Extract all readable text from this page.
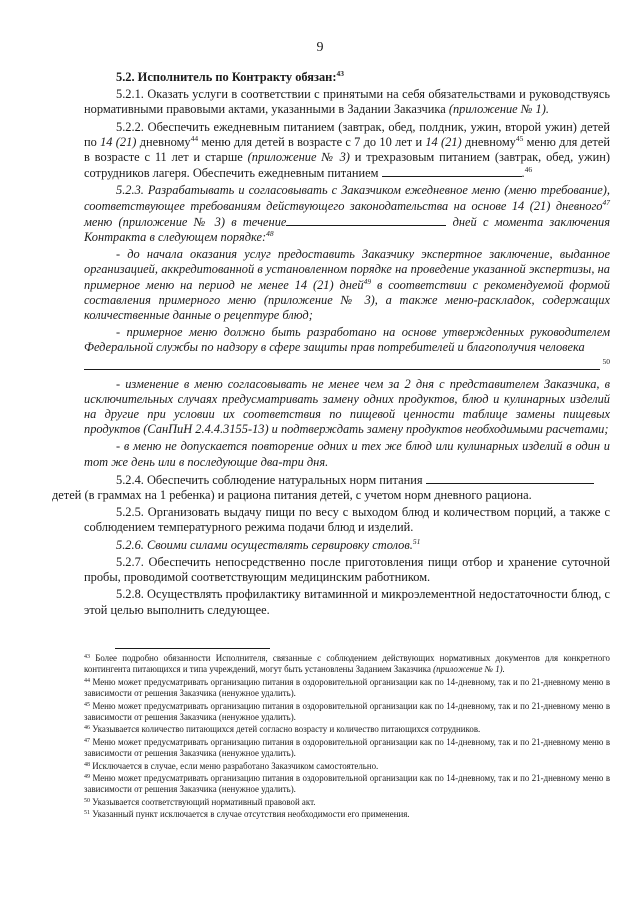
9

5.2. Исполнитель по Контракту обязан:$^{43}$

5.2.1. Оказать услуги в соответствии с принятыми на себя обязательствами и руководствуясь нормативными правовыми актами, указанными в Задании Заказчика (приложение № 1).

5.2.2. Обеспечить ежедневным питанием (завтрак, обед, полдник, ужин, второй ужин) детей по 14 (21) дневному$^{44}$ меню для детей в возрасте с 7 до 10 лет и 14 (21) дневному$^{45}$ меню для детей в возрасте с 11 лет и старше (приложение № 3) и трехразовым питанием (завтрак, обед, ужин) сотрудников лагеря. Обеспечить ежедневным питанием	.$^{46}$

5.2.3. Разрабатывать и согласовывать с Заказчиком ежедневное меню (меню требование), соответствующее требованиям действующего законодательства на основе 14 (21) дневного$^{47}$ меню (приложение № 3) в течение	дней с момента заключения Контракта в следующем порядке:$^{48}$

- до начала оказания услуг предоставить Заказчику экспертное заключение, выданное организацией, аккредитованной в установленном порядке на проведение указанной экспертизы, на примерное меню на период не менее 14 (21) дней$^{49}$ в соответствии с рекомендуемой формой составления примерного меню (приложение № 3), а также меню-раскладок, содержащих количественные данные о рецептуре блюд;

- примерное меню должно быть разработано на основе утвержденных руководителем Федеральной службы по надзору в сфере защиты прав потребителей и благополучия человека

50

- изменение в меню согласовывать не менее чем за 2 дня с представителем Заказчика, в исключительных случаях предусматривать замену одних продуктов, блюд и кулинарных изделий на другие при условии их соответствия по пищевой ценности таблице замены пищевых продуктов (СанПиН 2.4.4.3155-13) и подтверждать замену продуктов необходимыми расчетами;

- в меню не допускается повторение одних и тех же блюд или кулинарных изделий в один и тот же день или в последующие два-три дня.

5.2.4. Обеспечить соблюдение натуральных норм питания
детей (в граммах на 1 ребенка) и рациона питания детей, с учетом норм дневного рациона.

5.2.5. Организовать выдачу пищи по весу с выходом блюд и количеством порций, а также с соблюдением температурного режима подачи блюд и изделий.

5.2.6. Своими силами осуществлять сервировку столов.$^{51}$

5.2.7. Обеспечить непосредственно после приготовления пищи отбор и хранение суточной пробы, проводимой соответствующим медицинским работником.

5.2.8. Осуществлять профилактику витаминной и микроэлементной недостаточности блюд, с этой целью выполнить следующее.

$^{43}$ Более подробно обязанности Исполнителя, связанные с соблюдением действующих нормативных документов для конкретного контингента питающихся и типа учреждений, могут быть установлены Заданием Заказчика (приложение № 1).
$^{44}$ Меню может предусматривать организацию питания в оздоровительной организации как по 14-дневному, так и по 21-дневному меню в зависимости от решения Заказчика (ненужное удалить).
$^{45}$ Меню может предусматривать организацию питания в оздоровительной организации как по 14-дневному, так и по 21-дневному меню в зависимости от решения Заказчика (ненужное удалить).
$^{46}$ Указывается количество питающихся детей согласно возрасту и количество питающихся сотрудников.
$^{47}$ Меню может предусматривать организацию питания в оздоровительной организации как по 14-дневному, так и по 21-дневному меню в зависимости от решения Заказчика (ненужное удалить).
$^{48}$ Исключается в случае, если меню разработано Заказчиком самостоятельно.
$^{49}$ Меню может предусматривать организацию питания в оздоровительной организации как по 14-дневному, так и по 21-дневному меню в зависимости от решения Заказчика (ненужное удалить).
$^{50}$ Указывается соответствующий нормативный правовой акт.
$^{51}$ Указанный пункт исключается в случае отсутствия необходимости его применения.
